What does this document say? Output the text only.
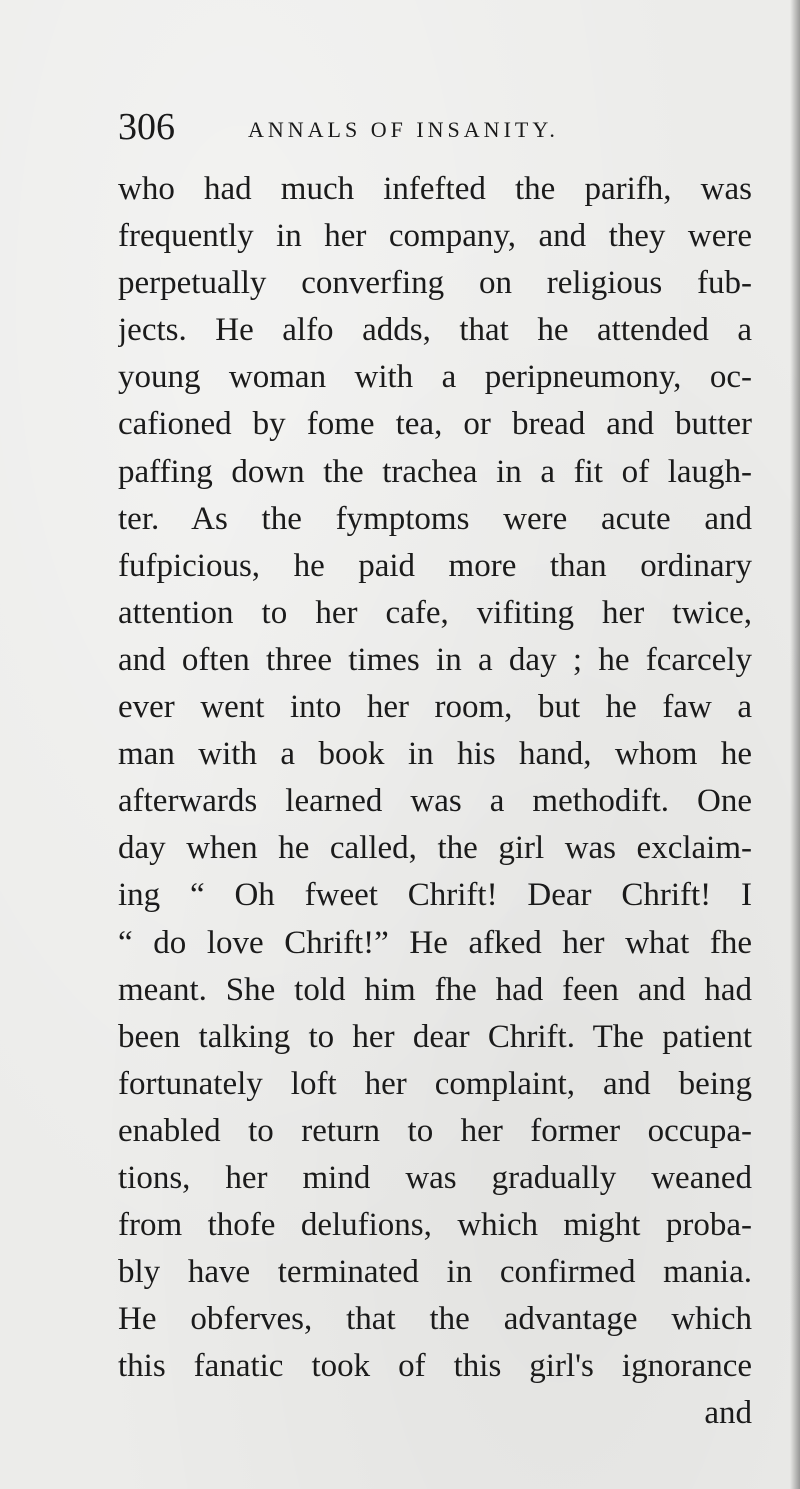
306	ANNALS OF INSANITY.
who had much infefted the parifh, was
frequently in her company, and they were
perpetually converfing on religious fub-
jects. He alfo adds, that he attended a
young woman with a peripneumony, oc-
cafioned by fome tea, or bread and butter
paffing down the trachea in a fit of laugh-
ter. As the fymptoms were acute and
fufpicious, he paid more than ordinary
attention to her cafe, vifiting her twice,
and often three times in a day ; he fcarcely
ever went into her room, but he faw a
man with a book in his hand, whom he
afterwards learned was a methodift. One
day when he called, the girl was exclaim-
ing “ Oh fweet Chrift! Dear Chrift! I
“ do love Chrift!” He afked her what fhe
meant. She told him fhe had feen and had
been talking to her dear Chrift. The patient
fortunately loft her complaint, and being
enabled to return to her former occupa-
tions, her mind was gradually weaned
from thofe delufions, which might proba-
bly have terminated in confirmed mania.
He obferves, that the advantage which
this fanatic took of this girl's ignorance
and
